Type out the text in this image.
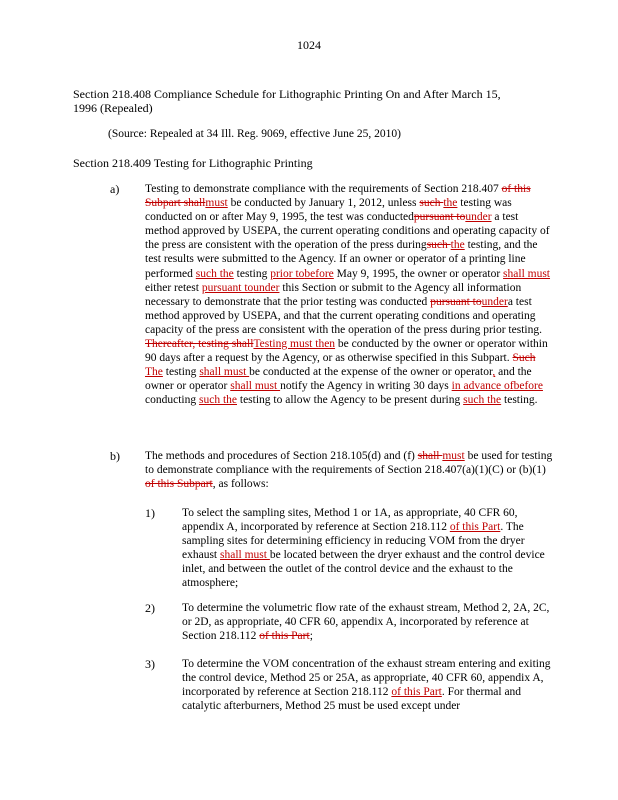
1024
Section 218.408 Compliance Schedule for Lithographic Printing On and After March 15,
1996 (Repealed)
(Source: Repealed at 34 Ill. Reg. 9069, effective June 25, 2010)
Section 218.409 Testing for Lithographic Printing
a) Testing to demonstrate compliance with the requirements of Section 218.407 of this Subpart shallmust be conducted by January 1, 2012, unless such the testing was conducted on or after May 9, 1995, the test was conductedpursuant tounder a test method approved by USEPA, the current operating conditions and operating capacity of the press are consistent with the operation of the press duringsuch the testing, and the test results were submitted to the Agency. If an owner or operator of a printing line performed such the testing prior tobefore May 9, 1995, the owner or operator shall must either retest pursuant tounder this Section or submit to the Agency all information necessary to demonstrate that the prior testing was conducted pursuant toundera test method approved by USEPA, and that the current operating conditions and operating capacity of the press are consistent with the operation of the press during prior testing. Thereafter, testing shallTesting must then be conducted by the owner or operator within 90 days after a request by the Agency, or as otherwise specified in this Subpart. Such The testing shall must be conducted at the expense of the owner or operator, and the owner or operator shall must notify the Agency in writing 30 days in advance ofbefore conducting such the testing to allow the Agency to be present during such the testing.
b) The methods and procedures of Section 218.105(d) and (f) shall must be used for testing to demonstrate compliance with the requirements of Section 218.407(a)(1)(C) or (b)(1) of this Subpart, as follows:
1) To select the sampling sites, Method 1 or 1A, as appropriate, 40 CFR 60, appendix A, incorporated by reference at Section 218.112 of this Part. The sampling sites for determining efficiency in reducing VOM from the dryer exhaust shall must be located between the dryer exhaust and the control device inlet, and between the outlet of the control device and the exhaust to the atmosphere;
2) To determine the volumetric flow rate of the exhaust stream, Method 2, 2A, 2C, or 2D, as appropriate, 40 CFR 60, appendix A, incorporated by reference at Section 218.112 of this Part;
3) To determine the VOM concentration of the exhaust stream entering and exiting the control device, Method 25 or 25A, as appropriate, 40 CFR 60, appendix A, incorporated by reference at Section 218.112 of this Part. For thermal and catalytic afterburners, Method 25 must be used except under
